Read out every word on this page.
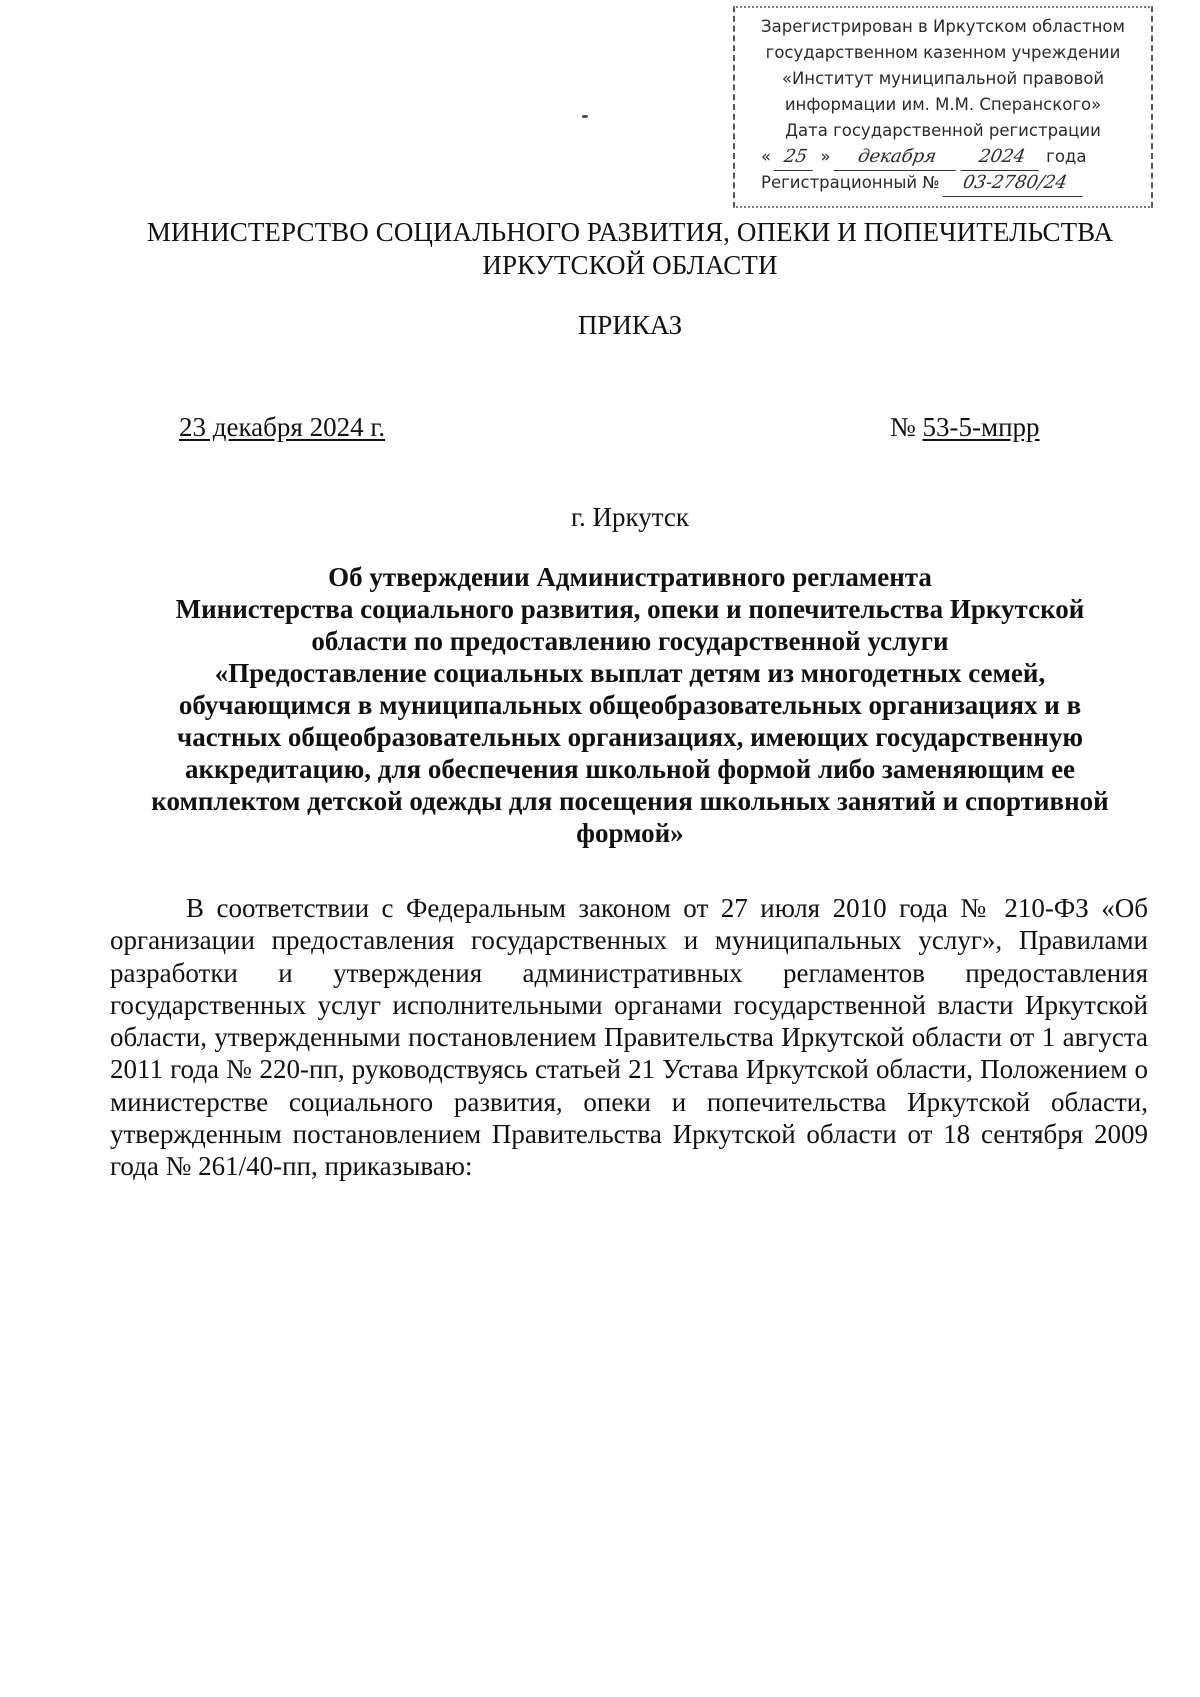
Зарегистрирован в Иркутском областном
государственном казенном учреждении
«Институт муниципальной правовой
информации им. М.М. Сперанского»
Дата государственной регистрации
« 25 » декабря 2024 года
Регистрационный № 03-2780/24
МИНИСТЕРСТВО СОЦИАЛЬНОГО РАЗВИТИЯ, ОПЕКИ И ПОПЕЧИТЕЛЬСТВА
ИРКУТСКОЙ ОБЛАСТИ
ПРИКАЗ
23 декабря 2024 г.	№ 53-5-мпрр
г. Иркутск
Об утверждении Административного регламента
Министерства социального развития, опеки и попечительства Иркутской
области по предоставлению государственной услуги
«Предоставление социальных выплат детям из многодетных семей,
обучающимся в муниципальных общеобразовательных организациях и в
частных общеобразовательных организациях, имеющих государственную
аккредитацию, для обеспечения школьной формой либо заменяющим ее
комплектом детской одежды для посещения школьных занятий и спортивной
формой»

В соответствии с Федеральным законом от 27 июля 2010 года № 210-ФЗ «Об организации предоставления государственных и муниципальных услуг», Правилами разработки и утверждения административных регламентов предоставления государственных услуг исполнительными органами государственной власти Иркутской области, утвержденными постановлением Правительства Иркутской области от 1 августа 2011 года № 220-пп, руководствуясь статьей 21 Устава Иркутской области, Положением о министерстве социального развития, опеки и попечительства Иркутской области, утвержденным постановлением Правительства Иркутской области от 18 сентября 2009 года № 261/40-пп, приказываю:
